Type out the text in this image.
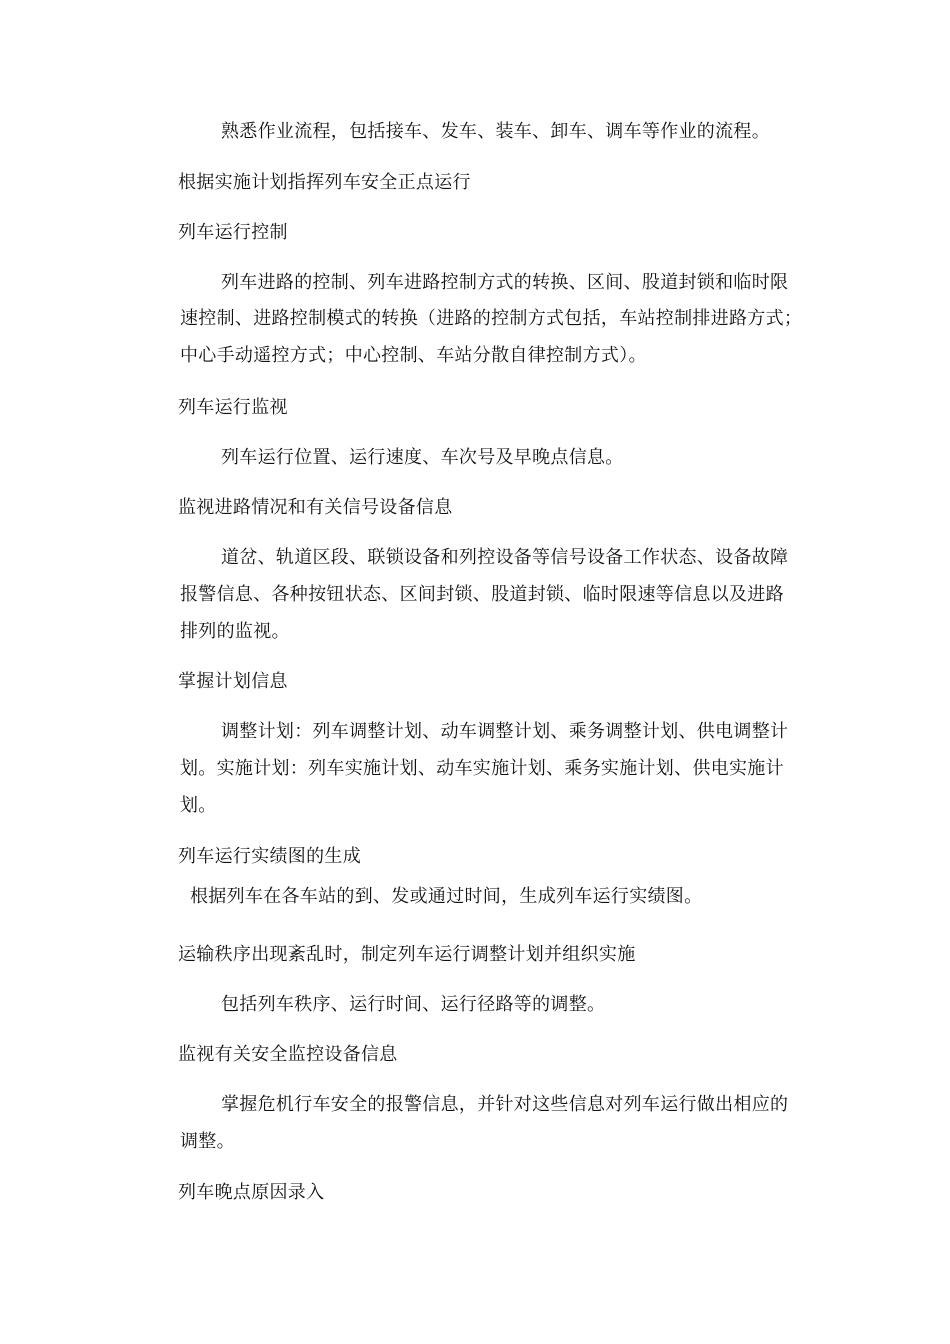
熟悉作业流程，包括接车、发车、装车、卸车、调车等作业的流程。
根据实施计划指挥列车安全正点运行
列车运行控制
列车进路的控制、列车进路控制方式的转换、区间、股道封锁和临时限
速控制、进路控制模式的转换（进路的控制方式包括，车站控制排进路方式；
中心手动遥控方式；中心控制、车站分散自律控制方式）。
列车运行监视
列车运行位置、运行速度、车次号及早晚点信息。
监视进路情况和有关信号设备信息
道岔、轨道区段、联锁设备和列控设备等信号设备工作状态、设备故障
报警信息、各种按钮状态、区间封锁、股道封锁、临时限速等信息以及进路
排列的监视。
掌握计划信息
调整计划：列车调整计划、动车调整计划、乘务调整计划、供电调整计
划。实施计划：列车实施计划、动车实施计划、乘务实施计划、供电实施计
划。
列车运行实绩图的生成
根据列车在各车站的到、发或通过时间，生成列车运行实绩图。
运输秩序出现紊乱时，制定列车运行调整计划并组织实施
包括列车秩序、运行时间、运行径路等的调整。
监视有关安全监控设备信息
掌握危机行车安全的报警信息，并针对这些信息对列车运行做出相应的
调整。
列车晚点原因录入
